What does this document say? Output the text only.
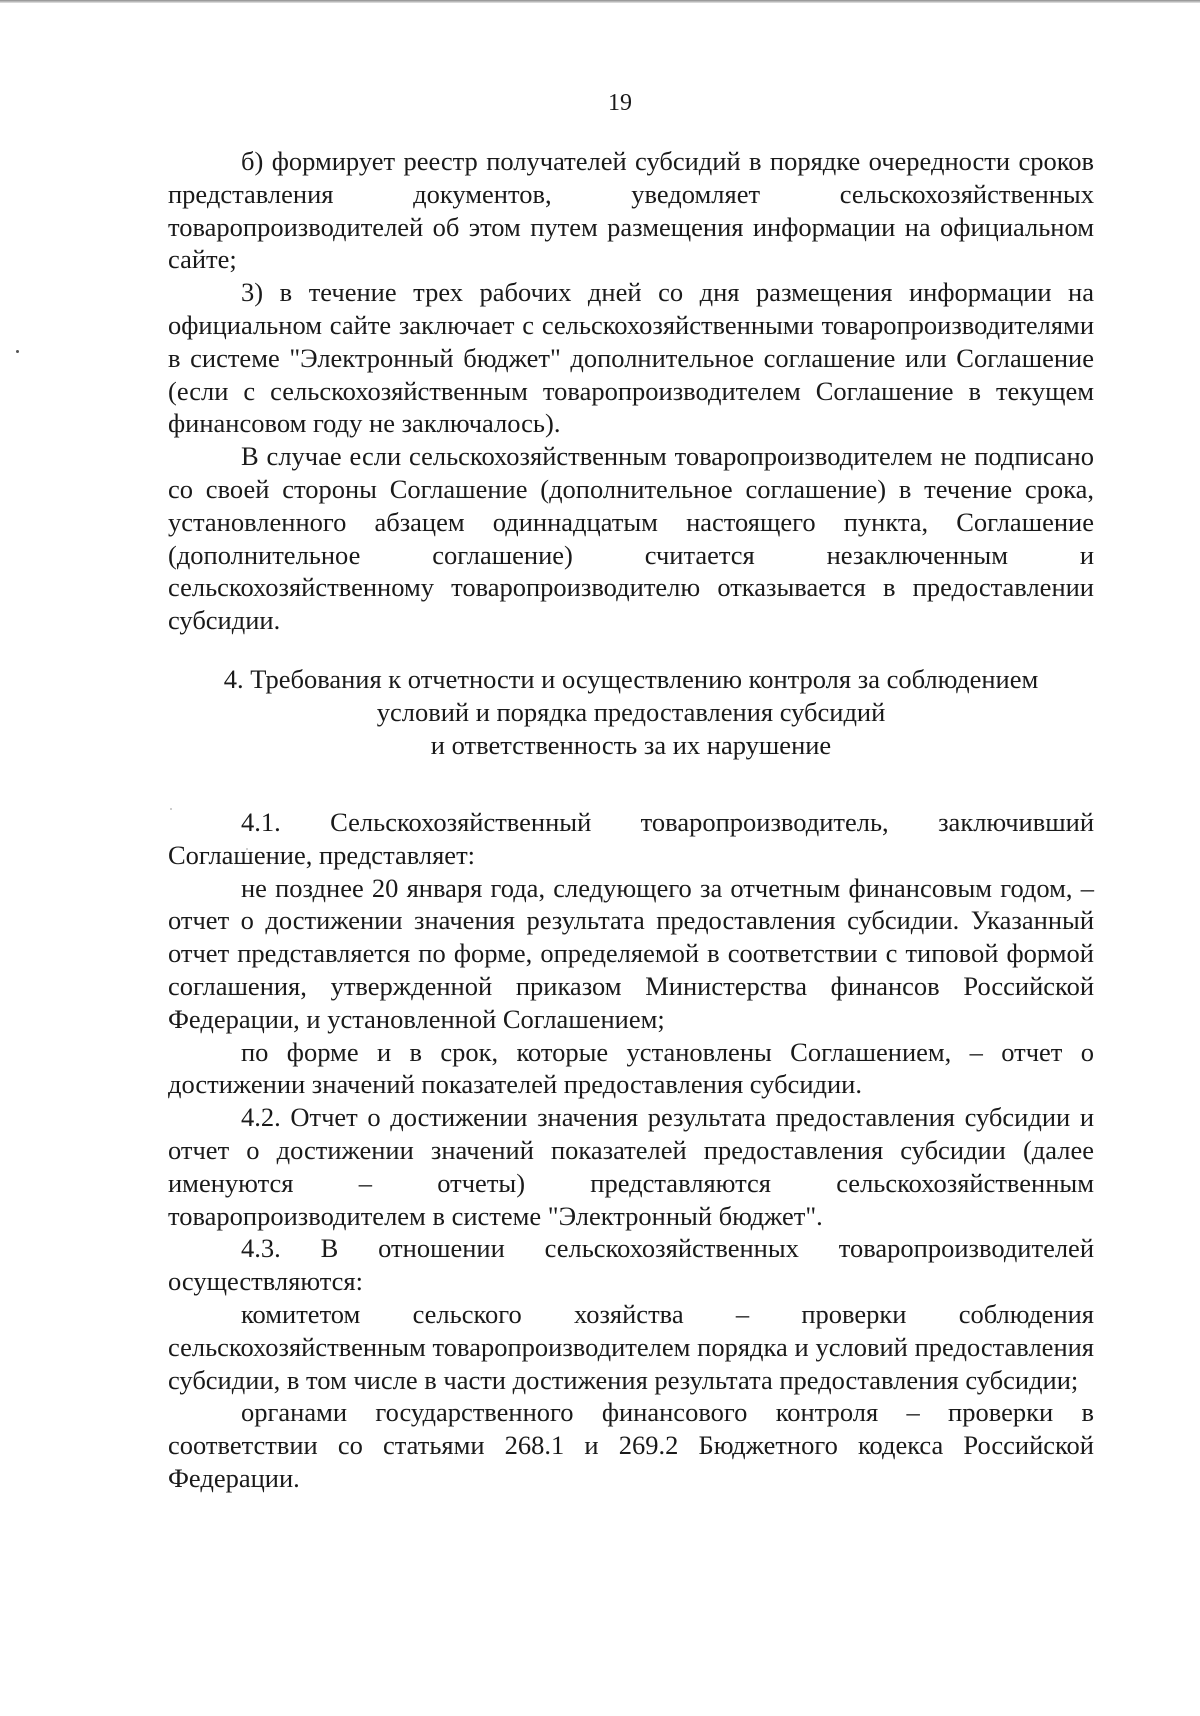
19

б) формирует реестр получателей субсидий в порядке очередности сроков представления документов, уведомляет сельскохозяйственных товаропроизводителей об этом путем размещения информации на официальном сайте;

3) в течение трех рабочих дней со дня размещения информации на официальном сайте заключает с сельскохозяйственными товаропроизводителями в системе "Электронный бюджет" дополнительное соглашение или Соглашение (если с сельскохозяйственным товаропроизводителем Соглашение в текущем финансовом году не заключалось).

В случае если сельскохозяйственным товаропроизводителем не подписано со своей стороны Соглашение (дополнительное соглашение) в течение срока, установленного абзацем одиннадцатым настоящего пункта, Соглашение (дополнительное соглашение) считается незаключенным и сельскохозяйственному товаропроизводителю отказывается в предоставлении субсидии.

4. Требования к отчетности и осуществлению контроля за соблюдением
условий и порядка предоставления субсидий
и ответственность за их нарушение

4.1. Сельскохозяйственный товаропроизводитель, заключивший Соглашение, представляет:

не позднее 20 января года, следующего за отчетным финансовым годом, – отчет о достижении значения результата предоставления субсидии. Указанный отчет представляется по форме, определяемой в соответствии с типовой формой соглашения, утвержденной приказом Министерства финансов Российской Федерации, и установленной Соглашением;

по форме и в срок, которые установлены Соглашением, – отчет о достижении значений показателей предоставления субсидии.

4.2. Отчет о достижении значения результата предоставления субсидии и отчет о достижении значений показателей предоставления субсидии (далее именуются – отчеты) представляются сельскохозяйственным товаропроизводителем в системе "Электронный бюджет".

4.3. В отношении сельскохозяйственных товаропроизводителей осуществляются:

комитетом сельского хозяйства – проверки соблюдения сельскохозяйственным товаропроизводителем порядка и условий предоставления субсидии, в том числе в части достижения результата предоставления субсидии;

органами государственного финансового контроля – проверки в соответствии со статьями 268.1 и 269.2 Бюджетного кодекса Российской Федерации.
